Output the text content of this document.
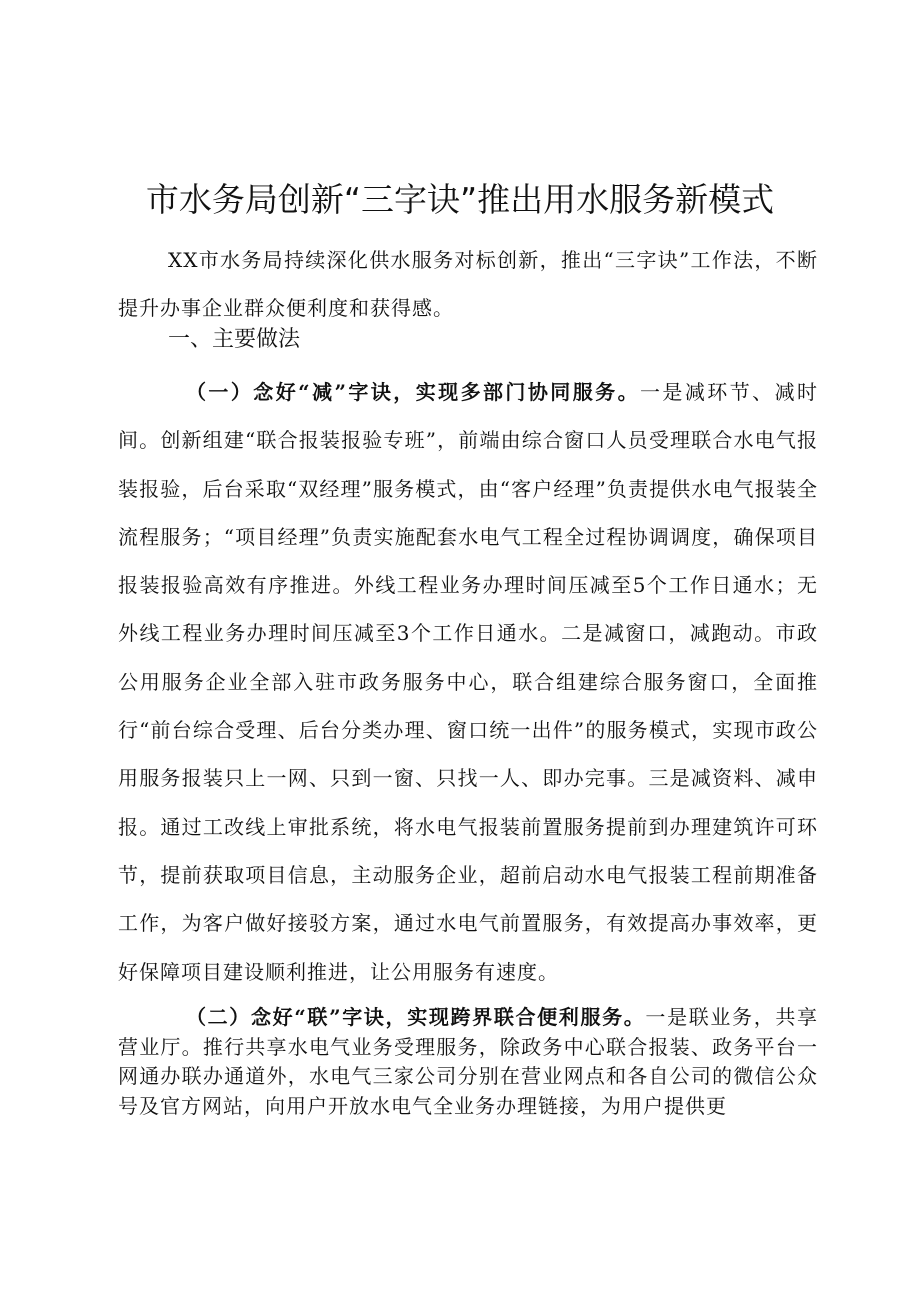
市水务局创新“三字诀”推出用水服务新模式

XX市水务局持续深化供水服务对标创新，推出“三字诀”工作法，不断提升办事企业群众便利度和获得感。

一、主要做法

（一）念好“减”字诀，实现多部门协同服务。一是减环节、减时间。创新组建“联合报装报验专班”，前端由综合窗口人员受理联合水电气报装报验，后台采取“双经理”服务模式，由“客户经理”负责提供水电气报装全流程服务；“项目经理”负责实施配套水电气工程全过程协调调度，确保项目报装报验高效有序推进。外线工程业务办理时间压减至5个工作日通水；无外线工程业务办理时间压减至3个工作日通水。二是减窗口，减跑动。市政公用服务企业全部入驻市政务服务中心，联合组建综合服务窗口，全面推行“前台综合受理、后台分类办理、窗口统一出件”的服务模式，实现市政公用服务报装只上一网、只到一窗、只找一人、即办完事。三是减资料、减申报。通过工改线上审批系统，将水电气报装前置服务提前到办理建筑许可环节，提前获取项目信息，主动服务企业，超前启动水电气报装工程前期准备工作，为客户做好接驳方案，通过水电气前置服务，有效提高办事效率，更好保障项目建设顺利推进，让公用服务有速度。

（二）念好“联”字诀，实现跨界联合便利服务。一是联业务，共享营业厅。推行共享水电气业务受理服务，除政务中心联合报装、政务平台一网通办联办通道外，水电气三家公司分别在营业网点和各自公司的微信公众号及官方网站，向用户开放水电气全业务办理链接，为用户提供更
